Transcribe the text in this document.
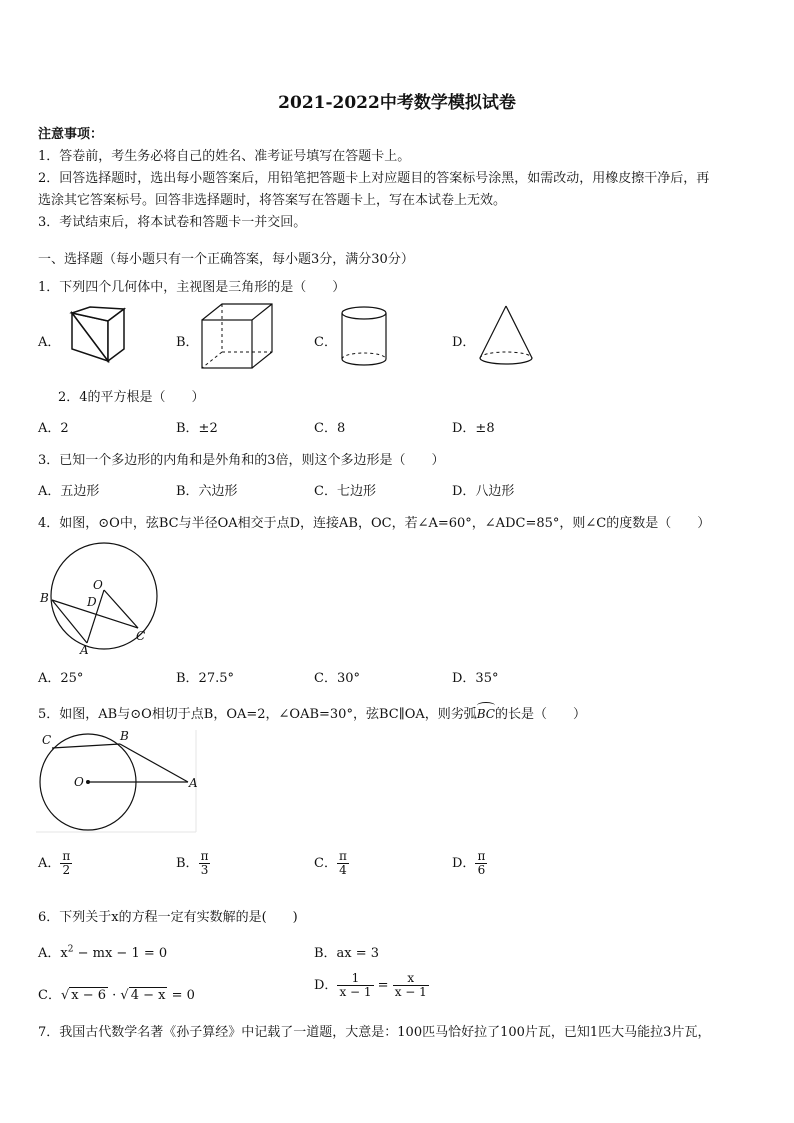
2021-2022中考数学模拟试卷
注意事项：
1．答卷前，考生务必将自己的姓名、准考证号填写在答题卡上。
2．回答选择题时，选出每小题答案后，用铅笔把答题卡上对应题目的答案标号涂黑，如需改动，用橡皮擦干净后，再
选涂其它答案标号。回答非选择题时，将答案写在答题卡上，写在本试卷上无效。
3．考试结束后，将本试卷和答题卡一并交回。
一、选择题（每小题只有一个正确答案，每小题3分，满分30分）
1．下列四个几何体中，主视图是三角形的是（　　）
A．	B．	C．	D．
2．4的平方根是（　　）
A．2	B．±2	C．8	D．±8
3．已知一个多边形的内角和是外角和的3倍，则这个多边形是（　　）
A．五边形	B．六边形	C．七边形	D．八边形
4．如图，⊙O中，弦BC与半径OA相交于点D，连接AB，OC，若∠A=60°，∠ADC=85°，则∠C的度数是（　　）
B
O
D
A
C
A．25°	B．27.5°	C．30°	D．35°
5．如图，AB与⊙O相切于点B，OA=2，∠OAB=30°，弦BC∥OA，则劣弧
BC的长是（　　）
C	B
O	A
A． $\frac{\pi}{2}$	B． $\frac{\pi}{3}$	C． $\frac{\pi}{4}$	D． $\frac{\pi}{6}$
6．下列关于x的方程一定有实数解的是(　　)
A．$x^2$ − mx − 1 = 0	B．ax = 3
C．√ x − 6 · √ 4 − x = 0
D． $\frac{1}{x - 1} = \frac{x}{x - 1}$
7．我国古代数学名著《孙子算经》中记载了一道题，大意是：100匹马恰好拉了100片瓦，已知1匹大马能拉3片瓦，
